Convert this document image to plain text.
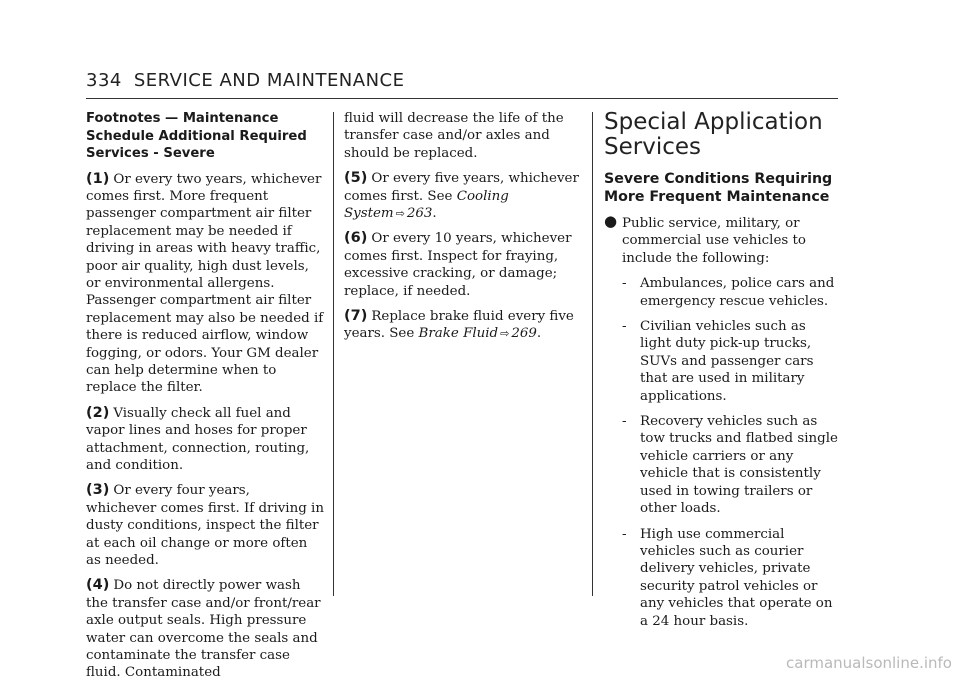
334 SERVICE AND MAINTENANCE
Footnotes — Maintenance Schedule Additional Required Services - Severe

(1) Or every two years, whichever comes first. More frequent passenger compartment air filter replacement may be needed if driving in areas with heavy traffic, poor air quality, high dust levels, or environmental allergens. Passenger compartment air filter replacement may also be needed if there is reduced airflow, window fogging, or odors. Your GM dealer can help determine when to replace the filter.

(2) Visually check all fuel and vapor lines and hoses for proper attachment, connection, routing, and condition.

(3) Or every four years, whichever comes first. If driving in dusty conditions, inspect the filter at each oil change or more often as needed.

(4) Do not directly power wash the transfer case and/or front/rear axle output seals. High pressure water can overcome the seals and contaminate the transfer case fluid. Contaminated

fluid will decrease the life of the transfer case and/or axles and should be replaced.

(5) Or every five years, whichever comes first. See Cooling System ⇨ 263.

(6) Or every 10 years, whichever comes first. Inspect for fraying, excessive cracking, or damage; replace, if needed.

(7) Replace brake fluid every five years. See Brake Fluid ⇨ 269.

Special Application Services
Severe Conditions Requiring More Frequent Maintenance
● Public service, military, or commercial use vehicles to include the following:
- Ambulances, police cars and emergency rescue vehicles.
- Civilian vehicles such as light duty pick-up trucks, SUVs and passenger cars that are used in military applications.
- Recovery vehicles such as tow trucks and flatbed single vehicle carriers or any vehicle that is consistently used in towing trailers or other loads.
- High use commercial vehicles such as courier delivery vehicles, private security patrol vehicles or any vehicles that operate on a 24 hour basis.
carmanualsonline.info
